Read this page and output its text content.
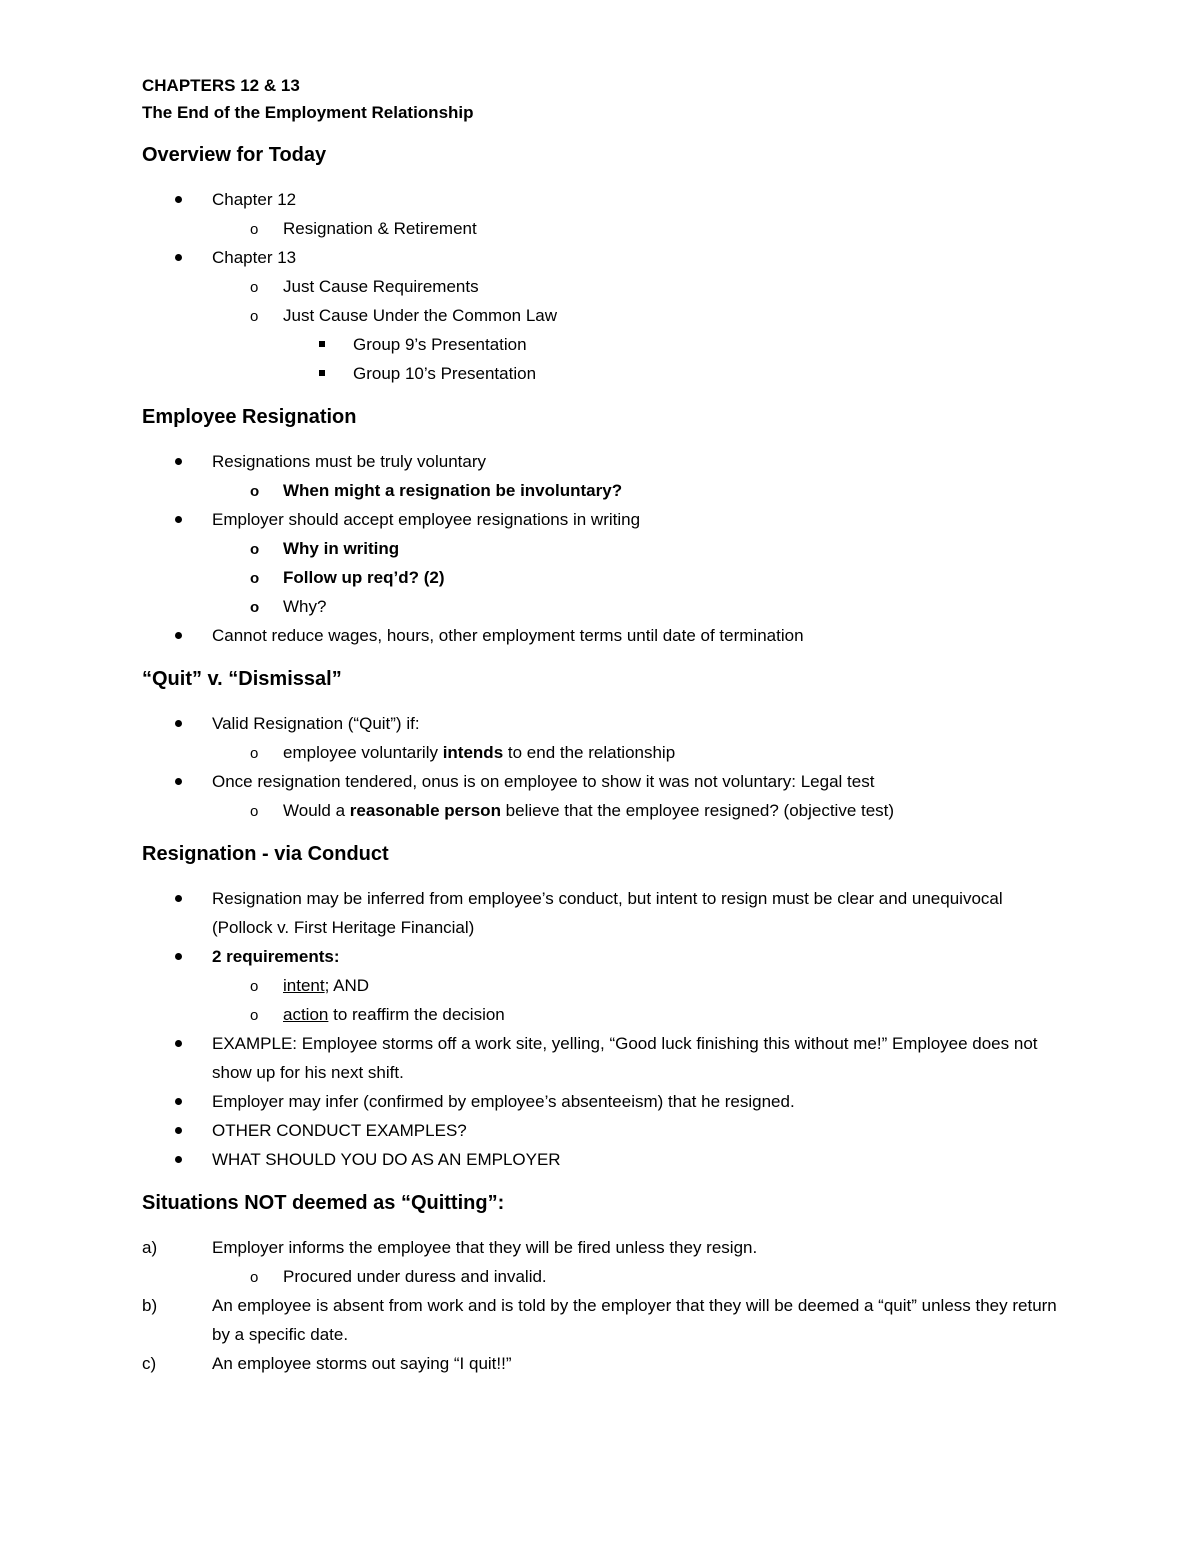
CHAPTERS 12 & 13
The End of the Employment Relationship
Overview for Today
Chapter 12
o Resignation & Retirement
Chapter 13
o Just Cause Requirements
o Just Cause Under the Common Law
Group 9’s Presentation
Group 10’s Presentation
Employee Resignation
Resignations must be truly voluntary
o When might a resignation be involuntary?
Employer should accept employee resignations in writing
o Why in writing
o Follow up req’d? (2)
o Why?
Cannot reduce wages, hours, other employment terms until date of termination
“Quit” v. “Dismissal”
Valid Resignation (“Quit”) if:
o employee voluntarily intends to end the relationship
Once resignation tendered, onus is on employee to show it was not voluntary: Legal test
o Would a reasonable person believe that the employee resigned? (objective test)
Resignation - via Conduct
Resignation may be inferred from employee’s conduct, but intent to resign must be clear and unequivocal (Pollock v. First Heritage Financial)
2 requirements:
o intent; AND
o action to reaffirm the decision
EXAMPLE: Employee storms off a work site, yelling, “Good luck finishing this without me!” Employee does not show up for his next shift.
Employer may infer (confirmed by employee’s absenteeism) that he resigned.
OTHER CONDUCT EXAMPLES?
WHAT SHOULD YOU DO AS AN EMPLOYER
Situations NOT deemed as “Quitting”:
a)	Employer informs the employee that they will be fired unless they resign.
o Procured under duress and invalid.
b)	An employee is absent from work and is told by the employer that they will be deemed a “quit” unless they return by a specific date.
c)	An employee storms out saying “I quit!!”
